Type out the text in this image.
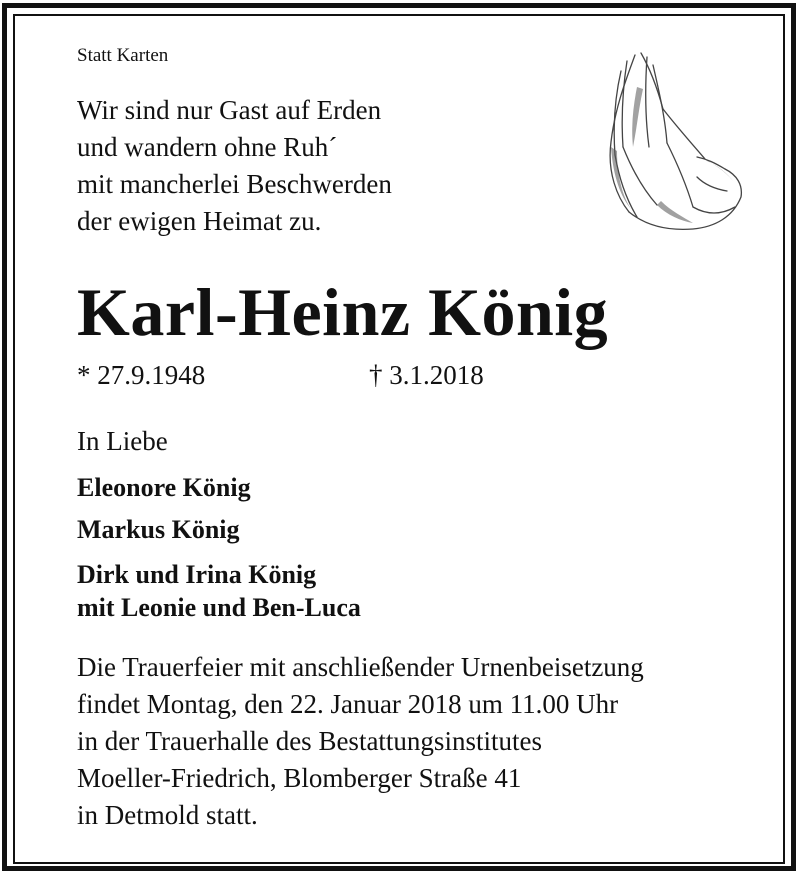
Statt Karten
Wir sind nur Gast auf Erden
und wandern ohne Ruh´
mit mancherlei Beschwerden
der ewigen Heimat zu.
Karl-Heinz König
* 27.9.1948	† 3.1.2018
In Liebe
Eleonore König
Markus König
Dirk und Irina König
mit Leonie und Ben-Luca
Die Trauerfeier mit anschließender Urnenbeisetzung
findet Montag, den 22. Januar 2018 um 11.00 Uhr
in der Trauerhalle des Bestattungsinstitutes
Moeller-Friedrich, Blomberger Straße 41
in Detmold statt.
